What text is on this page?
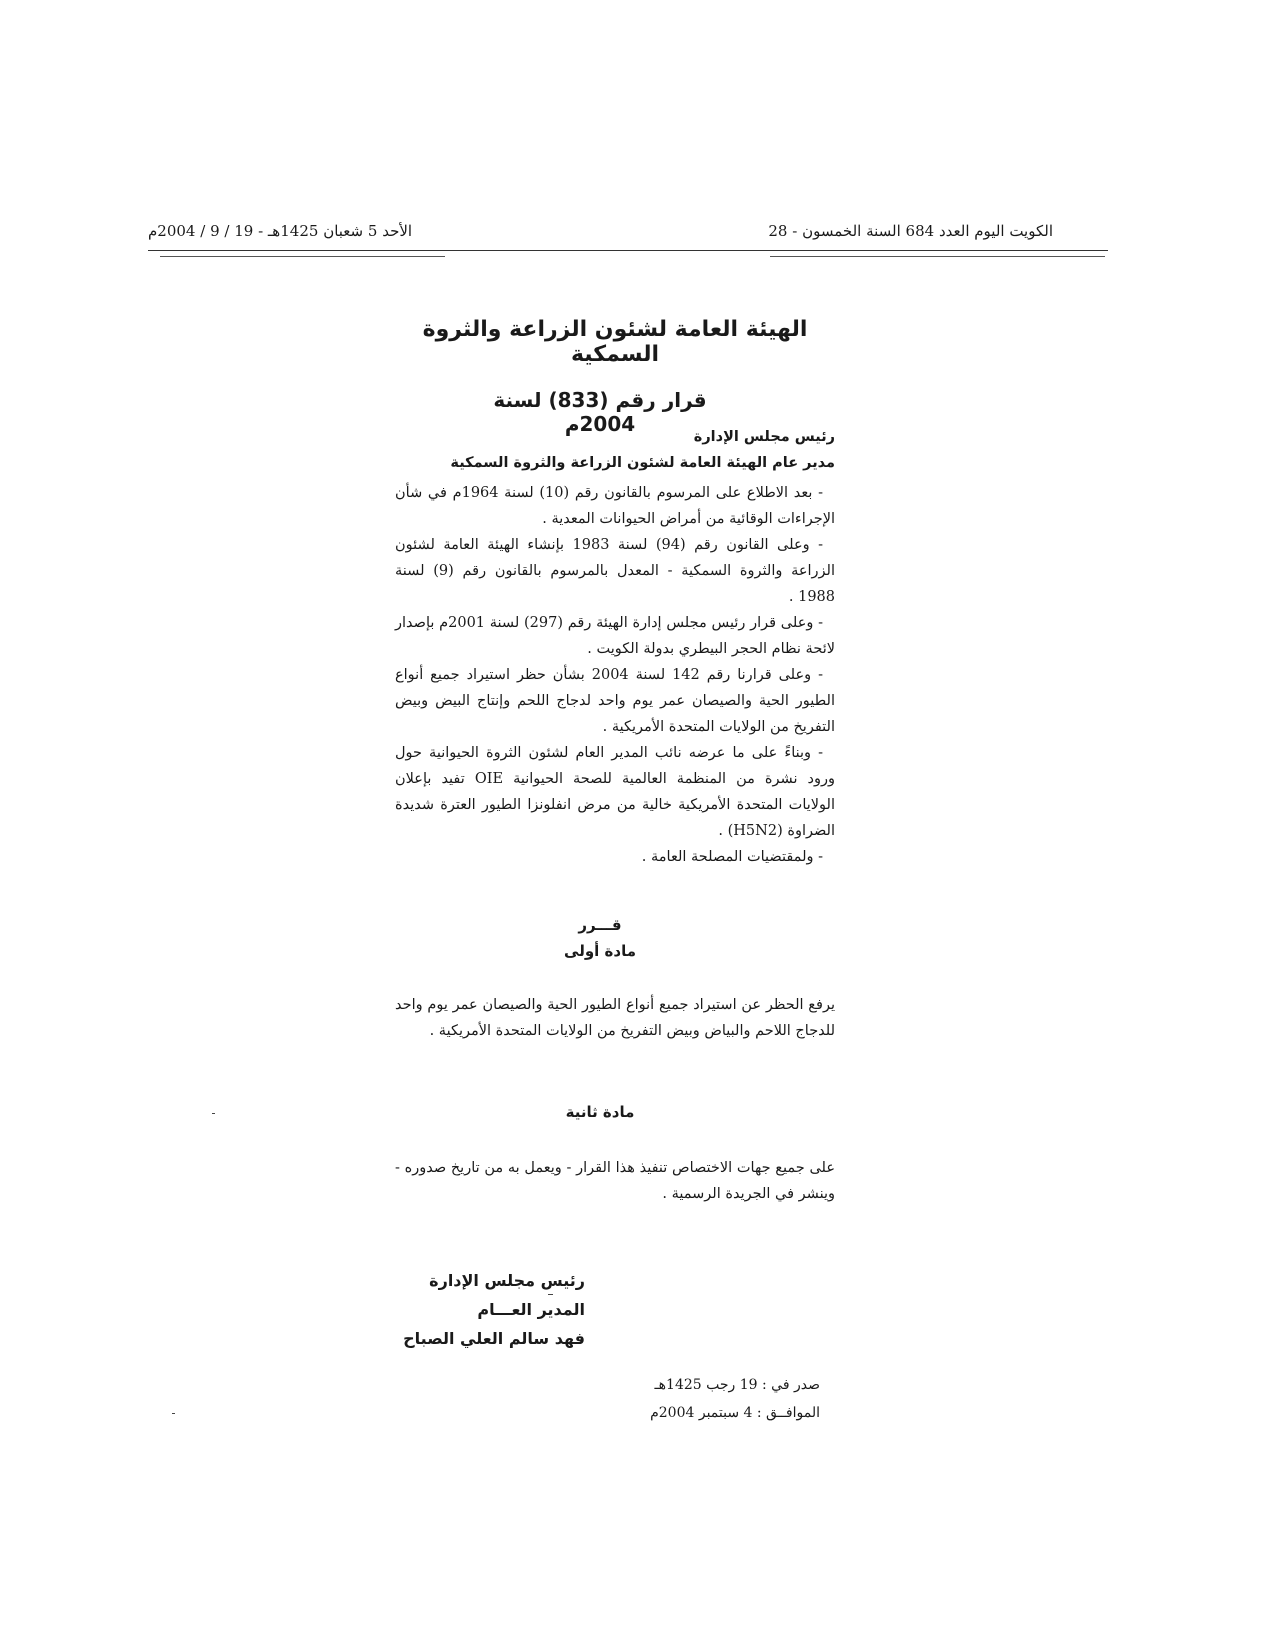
الكويت اليوم العدد 684 السنة الخمسون - 28
الأحد 5 شعبان 1425هـ - 19 / 9 / 2004م
الهيئة العامة لشئون الزراعة والثروة السمكية
قرار رقم (833) لسنة 2004م

رئيس مجلس الإدارة

مدير عام الهيئة العامة لشئون الزراعة والثروة السمكية

- بعد الاطلاع على المرسوم بالقانون رقم (10) لسنة 1964م في شأن الإجراءات الوقائية من أمراض الحيوانات المعدية .

- وعلى القانون رقم (94) لسنة 1983 بإنشاء الهيئة العامة لشئون الزراعة والثروة السمكية - المعدل بالمرسوم بالقانون رقم (9) لسنة 1988 .

- وعلى قرار رئيس مجلس إدارة الهيئة رقم (297) لسنة 2001م بإصدار لائحة نظام الحجر البيطري بدولة الكويت .

- وعلى قرارنا رقم 142 لسنة 2004 بشأن حظر استيراد جميع أنواع الطيور الحية والصيصان عمر يوم واحد لدجاج اللحم وإنتاج البيض وبيض التفريخ من الولايات المتحدة الأمريكية .

- وبناءً على ما عرضه نائب المدير العام لشئون الثروة الحيوانية حول ورود نشرة من المنظمة العالمية للصحة الحيوانية OIE تفيد بإعلان الولايات المتحدة الأمريكية خالية من مرض انفلونزا الطيور العترة شديدة الضراوة (H5N2) .

- ولمقتضيات المصلحة العامة .

قـــرر
مادة أولى

يرفع الحظر عن استيراد جميع أنواع الطيور الحية والصيصان عمر يوم واحد للدجاج اللاحم والبياض وبيض التفريخ من الولايات المتحدة الأمريكية .

مادة ثانية

على جميع جهات الاختصاص تنفيذ هذا القرار - ويعمل به من تاريخ صدوره - وينشر في الجريدة الرسمية .

رئيس مجلس الإدارة
المدير العـــام
فهد سالم العلي الصباح
صدر في : 19 رجب 1425هـ
الموافــق : 4 سبتمبر 2004م
